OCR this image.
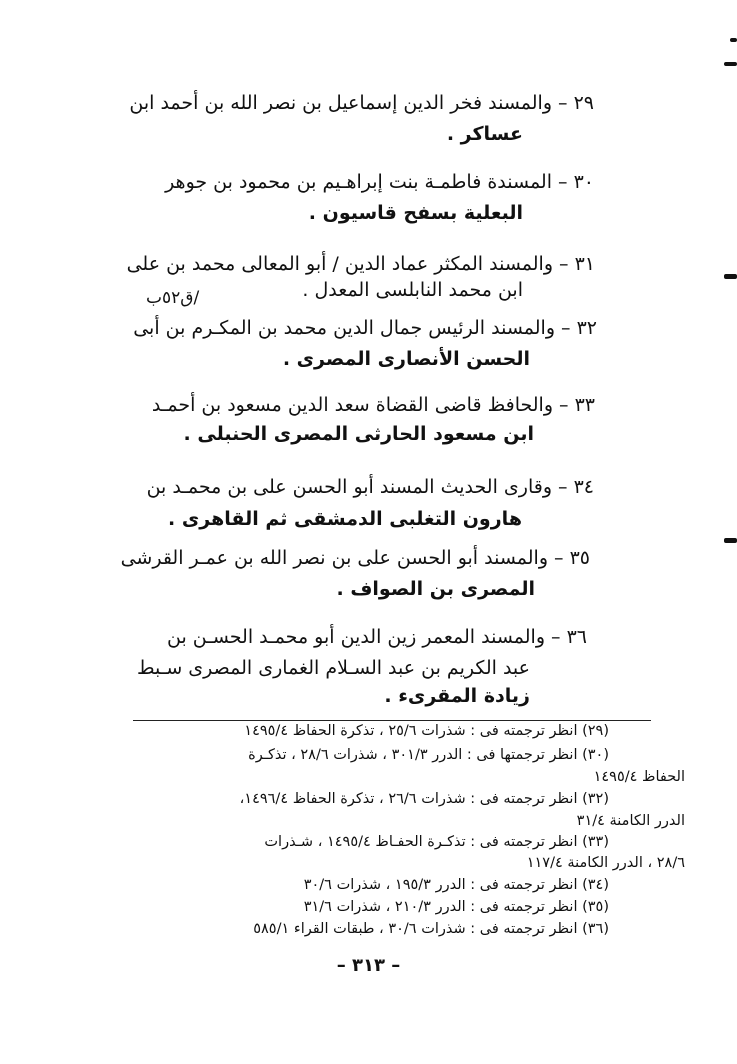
٢٩ – والمسند فخر الدين إسماعيل بن نصر الله بن أحمد ابن

عساكر .

٣٠ – المسندة فاطمـة بنت إبراهـيم بن محمود بن جوهر

البعلية بسفح قاسيون .

٣١ – والمسند المكثر عماد الدين / أبو المعالى محمد بن على

ابن محمد النابلسى المعدل .

/ق٥٢ب

٣٢ – والمسند الرئيس جمال الدين محمد بن المكـرم بن أبى

الحسن الأنصارى المصرى .

٣٣ – والحافظ قاضى القضاة سعد الدين مسعود بن أحمـد

ابن مسعود الحارثى المصرى الحنبلى .

٣٤ – وقارى الحديث المسند أبو الحسن على بن محمـد بن

هارون التغلبى الدمشقى ثم القاهرى .

٣٥ – والمسند أبو الحسن على بن نصر الله بن عمـر القرشى

المصرى بن الصواف .

٣٦ – والمسند المعمر زين الدين أبو محمـد الحسـن بن

عبد الكريم بن عبد السـلام الغمارى المصرى سـبط

زيادة المقرىء .

(٢٩) انظر ترجمته فى : شذرات ٢٥/٦ ، تذكرة الحفاظ ١٤٩٥/٤

(٣٠) انظر ترجمتها فى : الدرر ٣٠١/٣ ، شذرات ٢٨/٦ ، تذكـرة

الحفاظ ١٤٩٥/٤

(٣٢) انظر ترجمته فى : شذرات ٢٦/٦ ، تذكرة الحفاظ ١٤٩٦/٤،

الدرر الكامنة ٣١/٤

(٣٣) انظر ترجمته فى : تذكـرة الحفـاظ ١٤٩٥/٤ ، شـذرات

٢٨/٦ ، الدرر الكامنة ١١٧/٤

(٣٤) انظر ترجمته فى : الدرر ١٩٥/٣ ، شذرات ٣٠/٦

(٣٥) انظر ترجمته فى : الدرر ٢١٠/٣ ، شذرات ٣١/٦

(٣٦) انظر ترجمته فى : شذرات ٣٠/٦ ، طبقات القراء ٥٨٥/١

– ٣١٣ –
